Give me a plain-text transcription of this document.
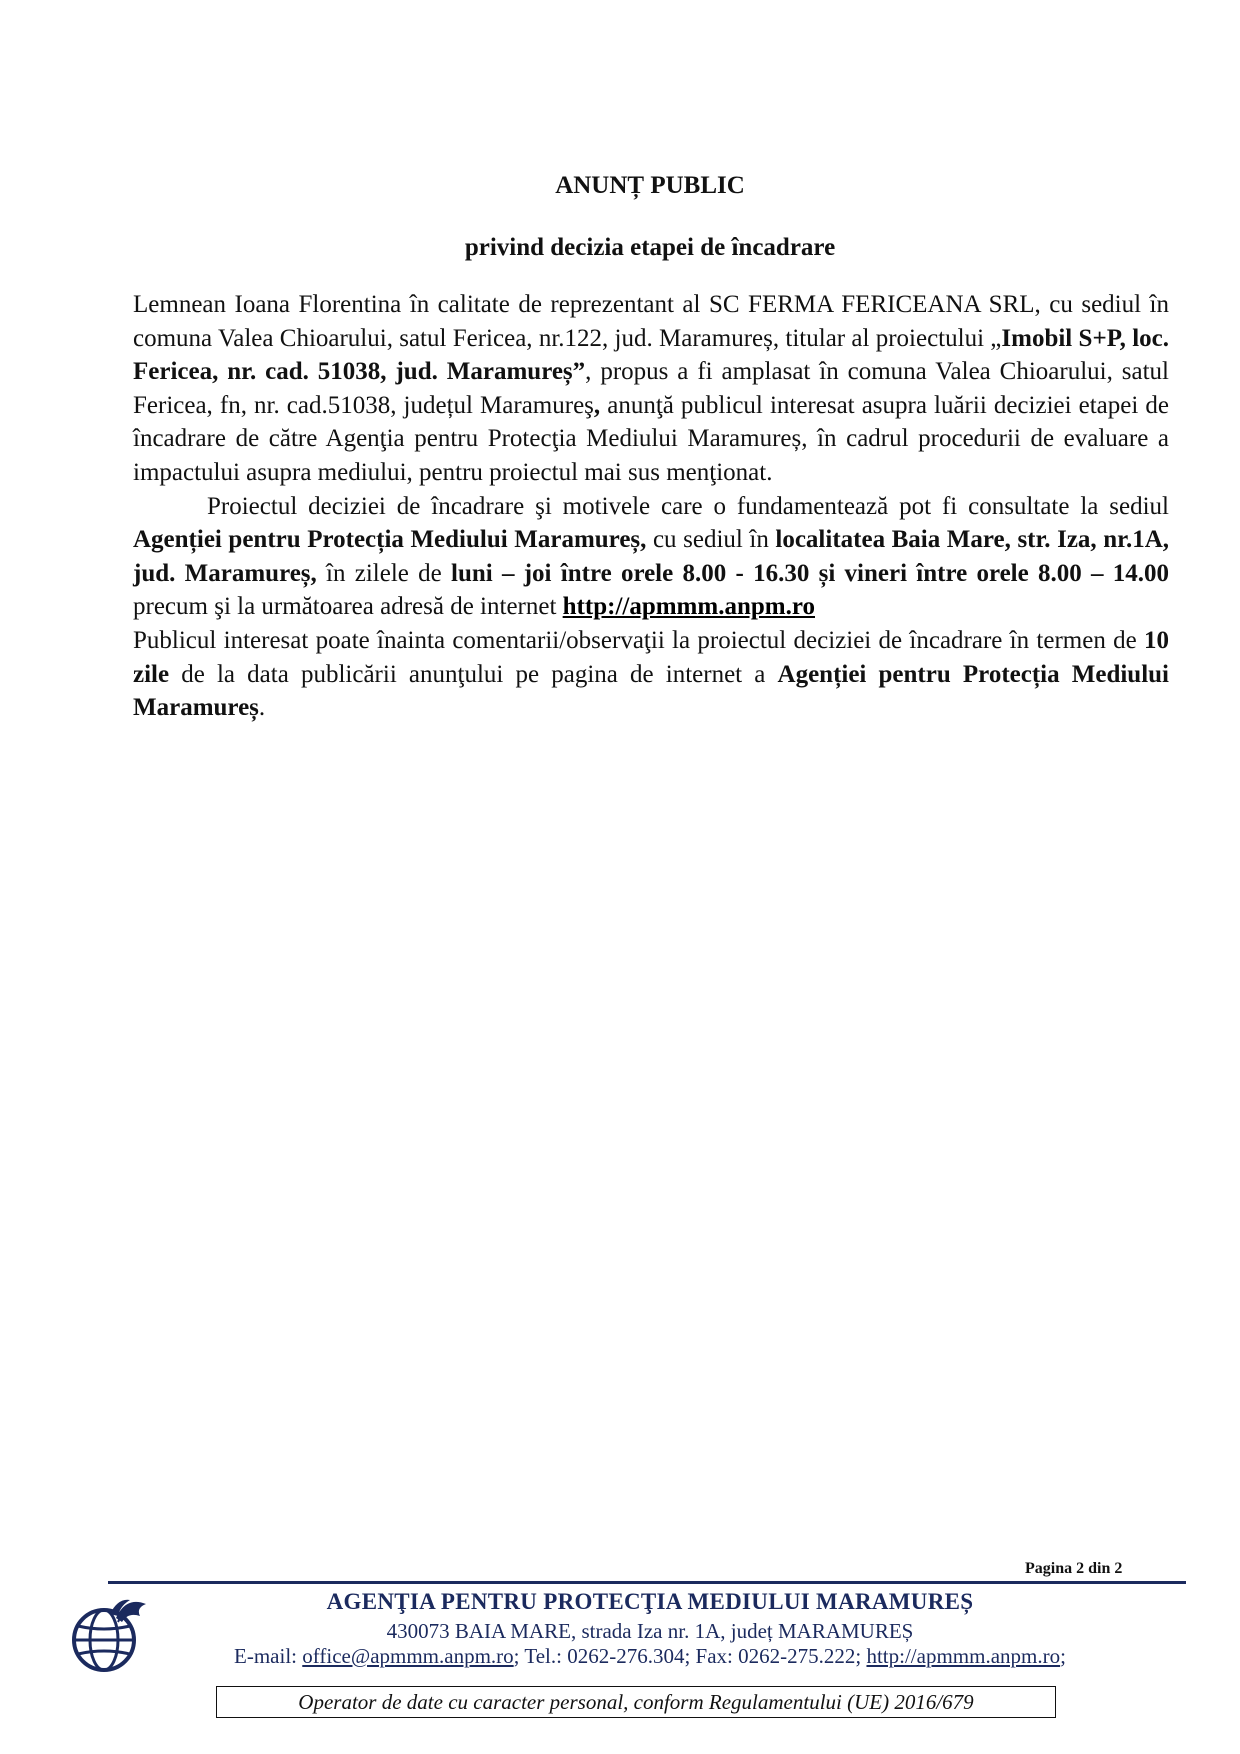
ANUNȚ PUBLIC
privind decizia etapei de încadrare

Lemnean Ioana Florentina în calitate de reprezentant al SC FERMA FERICEANA SRL, cu sediul în comuna Valea Chioarului, satul Fericea, nr.122, jud. Maramureș, titular al proiectului „Imobil S+P, loc. Fericea, nr. cad. 51038, jud. Maramureș”, propus a fi amplasat în comuna Valea Chioarului, satul Fericea, fn, nr. cad.51038, județul Maramureş, anunţă publicul interesat asupra luării deciziei etapei de încadrare de către Agenţia pentru Protecţia Mediului Maramureș, în cadrul procedurii de evaluare a impactului asupra mediului, pentru proiectul mai sus menţionat.

Proiectul deciziei de încadrare şi motivele care o fundamentează pot fi consultate la sediul Agenției pentru Protecția Mediului Maramureș, cu sediul în localitatea Baia Mare, str. Iza, nr.1A, jud. Maramureș, în zilele de luni – joi între orele 8.00 - 16.30 și vineri între orele 8.00 – 14.00 precum şi la următoarea adresă de internet http://apmmm.anpm.ro

Publicul interesat poate înainta comentarii/observaţii la proiectul deciziei de încadrare în termen de 10 zile de la data publicării anunţului pe pagina de internet a Agenției pentru Protecția Mediului Maramureș.

Pagina 2 din 2
AGENŢIA PENTRU PROTECŢIA MEDIULUI MARAMUREȘ
430073 BAIA MARE, strada Iza nr. 1A, județ MARAMUREȘ
E-mail: office@apmmm.anpm.ro; Tel.: 0262-276.304; Fax: 0262-275.222; http://apmmm.anpm.ro;
Operator de date cu caracter personal, conform Regulamentului (UE) 2016/679
